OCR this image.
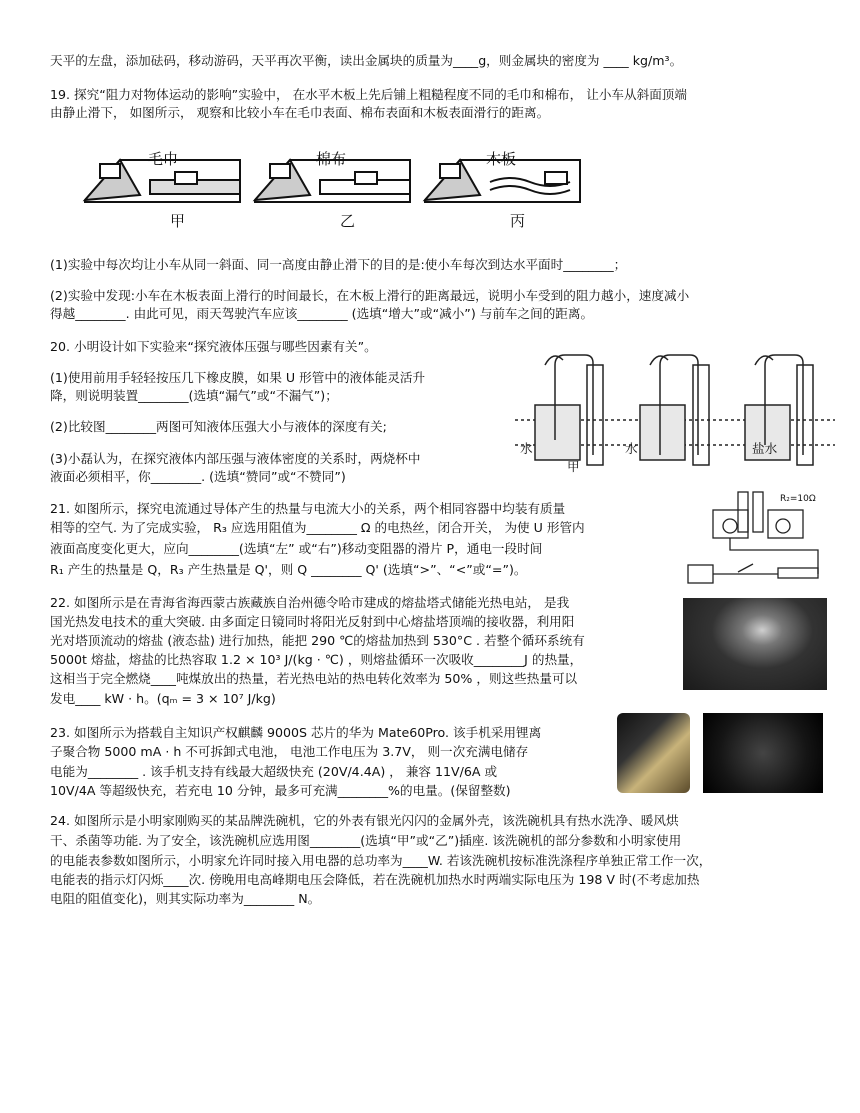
天平的左盘，添加砝码，移动游码，天平再次平衡，读出金属块的质量为____g，则金属块的密度为 ____ kg/m³。
19. 探究“阻力对物体运动的影响”实验中， 在水平木板上先后铺上粗糙程度不同的毛巾和棉布， 让小车从斜面顶端
由静止滑下， 如图所示， 观察和比较小车在毛巾表面、棉布表面和木板表面滑行的距离。
毛巾	棉布	木板
甲	乙	丙
(1)实验中每次均让小车从同一斜面、同一高度由静止滑下的目的是:使小车每次到达水平面时________；
(2)实验中发现:小车在木板表面上滑行的时间最长，在木板上滑行的距离最远，说明小车受到的阻力越小，速度减小
得越________. 由此可见，雨天驾驶汽车应该________ (选填“增大”或“减小”) 与前车之间的距离。
20. 小明设计如下实验来“探究液体压强与哪些因素有关”。
(1)使用前用手轻轻按压几下橡皮膜，如果 U 形管中的液体能灵活升
降，则说明装置________(选填“漏气”或“不漏气”)；
(2)比较图________两图可知液体压强大小与液体的深度有关;
(3)小磊认为，在探究液体内部压强与液体密度的关系时，两烧杯中
液面必须相平，你________. (选填“赞同”或“不赞同”)
水	水	盐水
甲
21. 如图所示，探究电流通过导体产生的热量与电流大小的关系，两个相同容器中均装有质量
相等的空气. 为了完成实验， R₃ 应选用阻值为________ Ω 的电热丝，闭合开关， 为使 U 形管内
液面高度变化更大，应向________(选填“左” 或“右”)移动变阻器的滑片 P，通电一段时间
R₁ 产生的热量是 Q，R₃ 产生热量是 Q'，则 Q ________ Q' (选填“>”、“<”或“=”)。
R₂=10Ω
22. 如图所示是在青海省海西蒙古族藏族自治州德令哈市建成的熔盐塔式储能光热电站， 是我
国光热发电技术的重大突破. 由多面定日镜同时将阳光反射到中心熔盐塔顶端的接收器，利用阳
光对塔顶流动的熔盐 (液态盐) 进行加热，能把 290 ℃的熔盐加热到 530°C . 若整个循环系统有
5000t 熔盐，熔盐的比热容取 1.2 × 10³ J/(kg · ℃) ，则熔盐循环一次吸收________J 的热量，
这相当于完全燃烧____吨煤放出的热量，若光热电站的热电转化效率为 50% ，则这些热量可以
发电____ kW · h。(qₘ = 3 × 10⁷ J/kg)
23. 如图所示为搭载自主知识产权麒麟 9000S 芯片的华为 Mate60Pro. 该手机采用锂离
子聚合物 5000 mA · h 不可拆卸式电池， 电池工作电压为 3.7V， 则一次充满电储存
电能为________ . 该手机支持有线最大超级快充 (20V/4.4A) ， 兼容 11V/6A 或
10V/4A 等超级快充，若充电 10 分钟，最多可充满________%的电量。(保留整数)
24. 如图所示是小明家刚购买的某品牌洗碗机，它的外表有银光闪闪的金属外壳，该洗碗机具有热水洗净、暖风烘
干、杀菌等功能. 为了安全，该洗碗机应选用图________(选填“甲”或“乙”)插座. 该洗碗机的部分参数和小明家使用
的电能表参数如图所示，小明家允许同时接入用电器的总功率为____W. 若该洗碗机按标准洗涤程序单独正常工作一次，
电能表的指示灯闪烁____次. 傍晚用电高峰期电压会降低，若在洗碗机加热水时两端实际电压为 198 V 时(不考虑加热
电阻的阻值变化)，则其实际功率为________ N。
